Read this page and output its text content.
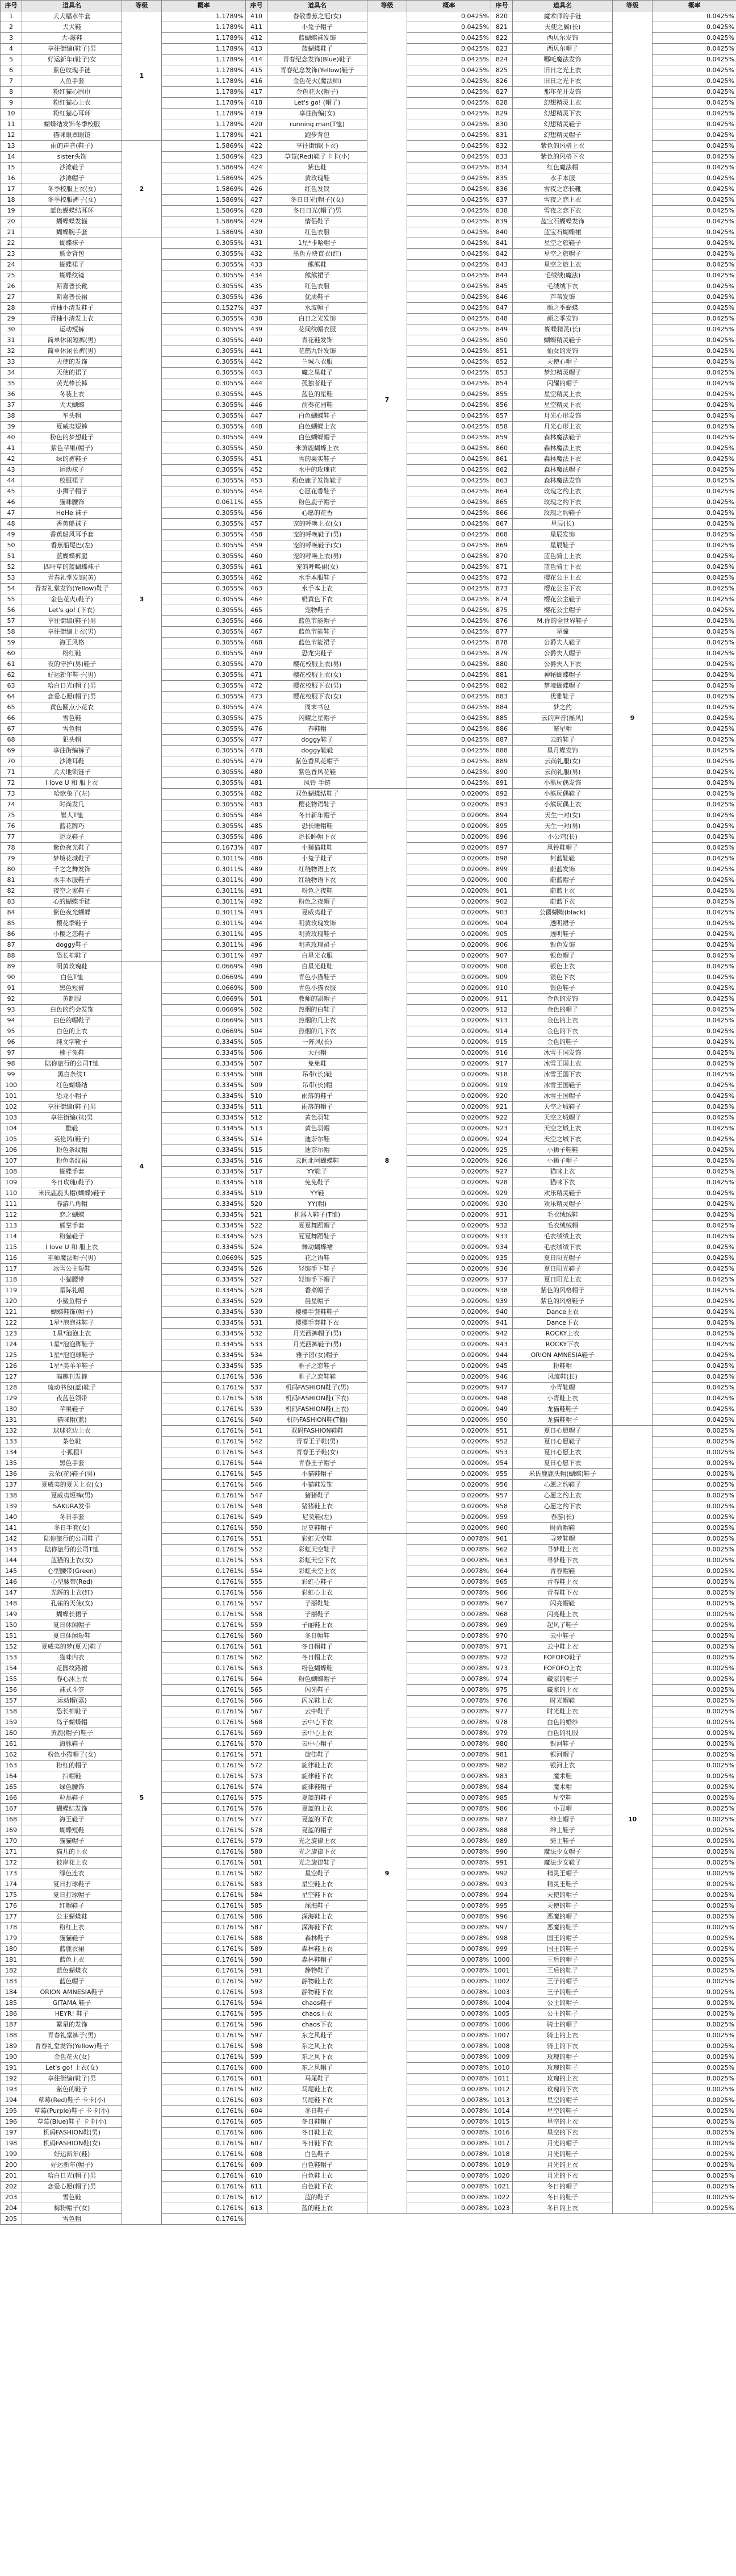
序号	道具名	等级	概率
1	犬犬幅水牛套	1	1.1789%
2	犬犬鞋		1.1789%
3	大-露鞋		1.1789%
4	享往街编(鞋子)男		1.1789%
5	好运新年(鞋子)女		1.1789%
6	紫色玫瑰手链		1.1789%
7	人鱼手套		1.1789%
8	粉红猫心围巾		1.1789%
9	粉红猫心上衣		1.1789%
10	粉红猫心耳环		1.1789%
11	蝴蝶结发饰冬季校服		1.1789%
12	猫咪眼罩眼镜		1.1789%
13	雨的声音(鞋子)	2	1.5869%
14	sister头饰		1.5869%
15	沙滩鞋子		1.5869%
16	沙滩帽子		1.5869%
17	冬季校服上衣(女)		1.5869%
18	冬季校服裤子(女)		1.5869%
19	蓝色蝴蝶结耳环		1.5869%
20	蝴蝶蝶发箍		1.5869%
21	蝴蝶腕手套		1.5869%
22	蝴蝶袜子	3	0.3055%
23	熊金背包		0.3055%
24	蝴蝶裙子		0.3055%
25	蝴蝶纹镜		0.3055%
26	斯嘉普长靴		0.3055%
27	斯嘉普长裙		0.3055%
28	青柚小清发鞋子		0.1527%
29	青柚小清发上衣		0.3055%
30	运动短裤		0.3055%
31	简单休闲短裤(男)		0.3055%
32	简单休闲长裤(男)		0.3055%
33	天使的发饰		0.3055%
34	天使的裙子		0.3055%
35	荧光棒长裤		0.3055%
36	冬装上衣		0.3055%
37	犬犬蝴蝶		0.3055%
38	车头帽		0.3055%
39	夏威夷短裤		0.3055%
40	粉色的梦想鞋子		0.3055%
41	紫色苹果(帽子)		0.3055%
42	绿的裤鞋子		0.3055%
43	运动袜子		0.3055%
44	校服裙子		0.3055%
45	小狮子帽子		0.3055%
46	猫咪腰饰		0.0611%
47	HeHe 袜子		0.3055%
48	香蕉船袜子		0.3055%
49	香蕉船风耳手套		0.3055%
50	香蕉船尾巴(左)		0.3055%
51	蓝蝴蝶裤腿		0.3055%
52	四叶草的蓝蝴蝶袜子		0.3055%
53	青春礼堂发饰(黄)		0.3055%
54	青春礼堂发饰(Yellow)鞋子		0.3055%
55	金色花火(鞋子)		0.3055%
56	Let's go! (下衣)		0.3055%
57	享往街编(鞋子)男		0.3055%
58	享往街编上衣(男)		0.3055%
59	海王风格		0.3055%
60	粉红鞋		0.3055%
61	夜的守护(男)鞋子		0.3055%
62	好运新年鞋子(男)		0.3055%
63	哈白日光(帽子)男		0.3055%
64	恋爱心愿(帽子)男		0.3055%
65	黄色圆点小花衣		0.3055%
66	雪色鞋		0.3055%
67	雪色帽		0.3055%
68	犯头帽		0.3055%
69	享往街编裤子		0.3055%
70	沙滩耳鞋		0.3055%
71	犬犬地锁链子		0.3055%
72	I love U 和 服上衣		0.3055%
73	哈欧兔子(左)		0.3055%
74	时尚发几		0.3055%
75	崔人T恤		0.3055%
76	蓝花牌巧		0.3055%
77	恐龙鞋子		0.3055%
78	紫色夜光鞋子		0.1673%
79	梦境花城鞋子		0.3011%
80	千之之舞发饰		0.3011%
81	水手本服鞋子		0.3011%
82	夜空之家鞋子		0.3011%
83	心的蝴蝶手链		0.3011%
84	紫色夜光蝴蝶		0.3011%
85	樱花季鞋子		0.3011%
86	小樱之恋鞋子		0.3011%
87	doggy鞋子		0.3011%
88	恐长棉鞋子		0.3011%
89	明黄玫瑰鞋	4	0.0669%
90	白色T恤		0.0669%
91	黑色短裤		0.0669%
92	黄制服		0.0669%
93	白色的约会发饰		0.0669%
94	白色的帽鞋子		0.0669%
95	白色的上衣		0.0669%
96	纯文字靴子		0.3345%
97	楠子兔鞋		0.3345%
98	陆你旅行的公司T恤		0.3345%
99	黑白条纹T		0.3345%
100	红色蝴蝶结		0.3345%
101	恐龙小帽子		0.3345%
102	享往街编(鞋子)男		0.3345%
103	享往街编(袜)男		0.3345%
104	酷鞋		0.3345%
105	英伦风(鞋子)		0.3345%
106	粉色条纹帽		0.3345%
107	粉色条纹裙		0.3345%
108	蝴蝶手套		0.3345%
109	冬日玫瑰(鞋子)		0.3345%
110	米氏鹿鹿头帽(蝴蝶)鞋子		0.3345%
111	春游八角帽		0.3345%
112	恋之蝴蝶		0.3345%
113	熊掌手套		0.3345%
114	粉猫鞋子		0.3345%
115	I love U 和 服上衣		0.3345%
116	巫师魔法帽子(男)		0.0669%
117	冰雪公主短鞋		0.3345%
118	小猫腰带		0.3345%
119	星际礼帽		0.3345%
120	小鲨鱼帽子		0.3345%
121	蝴蝶鞋饰(帽子)		0.3345%
122	1星*泡泡袜鞋子		0.3345%
123	1星*泡泡上衣		0.3345%
124	1星*泡泡脚鞋子		0.3345%
125	1星*泡泡球鞋子		0.3345%
126	1星*美羊羊鞋子		0.3345%
127	喵趣刊发箍	5	0.1761%
128	琉动书包(蓝)鞋子		0.1761%
129	夜蓝色领带		0.1761%
130	苹果鞋子		0.1761%
131	猫咪帽(蓝)		0.1761%
132	球球花边上衣		0.1761%
133	茶色鞋		0.1761%
134	小狐狸T		0.1761%
135	黑色手套		0.1761%
136	云朵(花)鞋子(男)		0.1761%
137	夏威夷的夏天上衣(女)		0.1761%
138	夏威夷短裤(男)		0.1761%
139	SAKURA发带		0.1761%
140	冬日手套		0.1761%
141	冬日手套(女)		0.1761%
142	陆你旅行的公司鞋子		0.1761%
143	陆你旅行的公司T恤		0.1761%
144	蓝猫的上衣(女)		0.1761%
145	心型腰带(Green)		0.1761%
146	心型腰带(Red)		0.1761%
147	光辉的上衣(红)		0.1761%
148	孔雀的天使(女)		0.1761%
149	蝴蝶长裙子		0.1761%
150	夏日休闲帽子		0.1761%
151	夏日休闲短鞋		0.1761%
152	夏威夷的梦(夏天)鞋子		0.1761%
153	猫咪内衣		0.1761%
154	花园纹路裙		0.1761%
155	春心沐上衣		0.1761%
156	袜式斗笠		0.1761%
157	运动帽(嘉)		0.1761%
158	恐长棉鞋子		0.1761%
159	鸟子蝴蝶帽		0.1761%
160	黄鹿(帽子)鞋子		0.1761%
161	海豚鞋子		0.1761%
162	粉色小猫帽子(女)		0.1761%
163	粉红的帽子		0.1761%
164	扫帽鞋		0.1761%
165	绿色腰饰		0.1761%
166	粒晶鞋子		0.1761%
167	蝴蝶结发饰		0.1761%
168	海王鞋子		0.1761%
169	蝴蝶短鞋		0.1761%
170	猫猫帽子		0.1761%
171	猫儿的上衣		0.1761%
172	彼岸花上衣		0.1761%
173	绿色连衣		0.1761%
174	夏日打球鞋子		0.1761%
175	夏日打球帽子		0.1761%
176	红帽鞋子		0.1761%
177	公主蝴蝶鞋		0.1761%
178	粉红上衣		0.1761%
179	猫猫鞋子		0.1761%
180	蓝鹿衣裙		0.1761%
181	蓝色上衣		0.1761%
182	蓝色蝴蝶衣		0.1761%
183	蓝色帽子		0.1761%
184	ORION AMNESIA鞋子		0.1761%
185	GITAMA 鞋子		0.1761%
186	HEYR! 鞋子		0.1761%
187	繁星的发饰		0.1761%
188	青春礼堂裤子(男)		0.1761%
189	青春礼堂发饰(Yellow)鞋子		0.1761%
190	金色花火(女)		0.1761%
191	Let's go! 上衣(女)		0.1761%
192	享往街编(鞋子)男		0.1761%
193	紫色的鞋子		0.1761%
194	草莓(Red)鞋子 卡卡(小)		0.1761%
195	草莓(Purple)鞋子 卡卡(小)		0.1761%
196	草莓(Blue)鞋子 卡卡(小)		0.1761%
197	机码FASHION鞋(男)		0.1761%
198	机码FASHION鞋(女)		0.1761%
199	好运新年(鞋)		0.1761%
200	好运新年(帽子)		0.1761%
201	哈白日光(帽子)男		0.1761%
202	恋爱心愿(帽子)男		0.1761%
203	雪色鞋		0.1761%
204	梅粉帽子(女)		0.1761%
205	雪色帽		0.1761%
序号	道具名	等级	概率
410	春敬香蕉之冠(女)	7	0.0425%
411	小兔子帽子		0.0425%
412	蓝蝴蝶袜发饰		0.0425%
413	蓝蝴蝶鞋子		0.0425%
414	青春纪念发饰(Blue)鞋子		0.0425%
415	青春纪念发饰(Yellow)鞋子		0.0425%
416	金色花火(魔法师)		0.0425%
417	金色花火(帽子)		0.0425%
418	Let's go! (帽子)		0.0425%
419	享往街编(女)		0.0425%
420	running man(T恤)		0.0425%
421	跑步背包		0.0425%
422	享往街编(下衣)		0.0425%
423	草莓(Red)鞋子卡卡(小)		0.0425%
424	紫色鞋		0.0425%
425	黄玫瑰鞋		0.0425%
426	红色发钗		0.0425%
427	冬日日光(帽子)(女)		0.0425%
428	冬日日光(帽子)男		0.0425%
429	情侣鞋子		0.0425%
430	红色衣服		0.0425%
431	1星*卡哈帽子		0.0425%
432	黑色方块直衣(红)		0.0425%
433	熊熊鞋		0.0425%
434	熊熊裙子		0.0425%
435	红色衣服		0.0425%
436	优质鞋子		0.0425%
437	水波帽子		0.0425%
438	白日之光发饰		0.0425%
439	花间纹帽衣服		0.0425%
440	青花鞋发饰		0.0425%
441	花鹤九针发饰		0.0425%
442	兰城八衣服		0.0425%
443	魔之星鞋子		0.0425%
444	孤独者鞋子		0.0425%
445	蓝色的星鞋		0.0425%
446	前奏花园鞋		0.0425%
447	白色蝴蝶鞋子		0.0425%
448	白色蝴蝶上衣		0.0425%
449	白色蝴蝶帽子		0.0425%
450	米黄鹿蝴蝶上衣		0.0425%
451	雪的果实鞋子		0.0425%
452	水中的玫瑰花		0.0425%
453	粉色鹿子发饰鞋子		0.0425%
454	心愿花香鞋子		0.0425%
455	粉色鹿子帽子		0.0425%
456	心愿的花香		0.0425%
457	宠的呼唤上衣(女)		0.0425%
458	宠的呼唤鞋子(男)		0.0425%
459	宠的呼唤鞋子(女)		0.0425%
460	宠的呼唤上衣(男)		0.0425%
461	宠的呼唤裙(女)		0.0425%
462	水手本服鞋子		0.0425%
463	水手本上衣		0.0425%
464	奶黄色下衣		0.0425%
465	宠物鞋子		0.0425%
466	蓝色节能帽子		0.0425%
467	蓝色节能鞋子		0.0425%
468	蓝色节能裙子		0.0425%
469	恐龙尖鞋子		0.0425%
470	樱花校服上衣(男)		0.0425%
471	樱花校服上衣(女)		0.0425%
472	樱花校服下衣(男)		0.0425%
473	樱花校服下衣(女)		0.0425%
474	周末书包		0.0425%
475	闪耀之星帽子		0.0425%
476	春鞋帽		0.0425%
477	doggy鞋子		0.0425%
478	doggy鞋鞋		0.0425%
479	紫色香风花帽子		0.0425%
480	紫色香风花鞋		0.0425%
481	风铃 手链		0.0425%
482	双色蝴蝶结鞋子	8	0.0200%
483	樱花物语鞋子		0.0200%
484	冬日新年帽子		0.0200%
485	恐长睡帽鞋		0.0200%
486	恐长睡帽下衣		0.0200%
487	小狮猫鞋鞋		0.0200%
488	小兔子鞋子		0.0200%
489	红绕物语上衣		0.0200%
490	红绕物语下衣		0.0200%
491	粉色之夜鞋		0.0200%
492	粉色之夜帽子		0.0200%
493	夏威夷鞋子		0.0200%
494	明黄玫瑰发饰		0.0200%
495	明黄玫瑰鞋子		0.0200%
496	明黄玫瑰裙子		0.0200%
497	白星光衣服		0.0200%
498	白星光鞋鞋		0.0200%
499	青色小猫鞋子		0.0200%
500	青色小猫衣服		0.0200%
501	教师的凯帽子		0.0200%
502	热烟的白鞋子		0.0200%
503	热烟的几上衣		0.0200%
504	热烟的几下衣		0.0200%
505	一阵风(长)		0.0200%
506	大白帽		0.0200%
507	免免鞋		0.0200%
508	吊带(长)鞋		0.0200%
509	吊带(长)帽		0.0200%
510	雨落的鞋子		0.0200%
511	雨落的帽子		0.0200%
512	黄色羽鞋		0.0200%
513	黄色羽帽		0.0200%
514	迪奈尔鞋		0.0200%
515	迪奈尔帽		0.0200%
516	云间北阿蝴蝶鞋		0.0200%
517	YY鞋子		0.0200%
518	免免鞋子		0.0200%
519	YY鞋		0.0200%
520	YY(帽)		0.0200%
521	机器人鞋子(T恤)		0.0200%
522	夏夏舞蹈帽子		0.0200%
523	夏夏舞蹈鞋子		0.0200%
524	舞动蝴蝶裙		0.0200%
525	花之语鞋		0.0200%
526	轻饰手下鞋子		0.0200%
527	轻饰手下帽子		0.0200%
528	香菜帽子		0.0200%
529	晨星帽子		0.0200%
530	樱樱手套鞋鞋子		0.0200%
531	樱樱手套鞋下衣		0.0200%
532	月光西裤帽子(男)		0.0200%
533	月光西裤鞋子(男)		0.0200%
534	雅子团(女)帽子		0.0200%
535	雅子之恋鞋子		0.0200%
536	雅子之恋鞋鞋		0.0200%
537	机码FASHION鞋子(男)		0.0200%
538	机码FASHION鞋(下衣)		0.0200%
539	机码FASHION鞋(上衣)		0.0200%
540	机码FASHION鞋(T恤)		0.0200%
541	双码FASHION鞋鞋		0.0200%
542	青春王子鞋(男)		0.0200%
543	青春王子鞋(女)		0.0200%
544	青春王子帽子		0.0200%
545	小猫鞋帽子		0.0200%
546	小猫鞋发饰		0.0200%
547	猪猪鞋子		0.0200%
548	猪猪鞋上衣		0.0200%
549	尼莫鞋(左)		0.0200%
550	尼莫鞋帽子		0.0200%
551	彩虹天空鞋	9	0.0078%
552	彩虹天空鞋子		0.0078%
553	彩虹天空下衣		0.0078%
554	彩虹天空上衣		0.0078%
555	彩虹心鞋子		0.0078%
556	彩虹心上衣		0.0078%
557	子丽鞋鞋		0.0078%
558	子丽鞋子		0.0078%
559	子丽鞋上衣		0.0078%
560	冬日帽鞋		0.0078%
561	冬日帽鞋子		0.0078%
562	冬日帽上衣		0.0078%
563	粉色蝴蝶鞋		0.0078%
564	粉色蝴蝶帽子		0.0078%
565	闪光鞋子		0.0078%
566	闪光鞋上衣		0.0078%
567	云中鞋子		0.0078%
568	云中心下衣		0.0078%
569	云中心上衣		0.0078%
570	云中心帽子		0.0078%
571	旋律鞋子		0.0078%
572	旋律鞋上衣		0.0078%
573	旋律鞋下衣		0.0078%
574	旋律鞋帽子		0.0078%
575	夏蓝的鞋子		0.0078%
576	夏蓝的上衣		0.0078%
577	夏蓝的下衣		0.0078%
578	夏蓝的帽子		0.0078%
579	光之旋律上衣		0.0078%
580	光之旋律下衣		0.0078%
581	光之旋律鞋子		0.0078%
582	星空鞋子		0.0078%
583	星空鞋上衣		0.0078%
584	星空鞋下衣		0.0078%
585	深海鞋子		0.0078%
586	深海鞋上衣		0.0078%
587	深海鞋下衣		0.0078%
588	森林鞋子		0.0078%
589	森林鞋上衣		0.0078%
590	森林鞋帽子		0.0078%
591	静物鞋子		0.0078%
592	静物鞋上衣		0.0078%
593	静物鞋下衣		0.0078%
594	chaos鞋子		0.0078%
595	chaos上衣		0.0078%
596	chaos下衣		0.0078%
597	东之风鞋子		0.0078%
598	东之风上衣		0.0078%
599	东之风下衣		0.0078%
600	东之风帽子		0.0078%
601	马尾鞋子		0.0078%
602	马尾鞋上衣		0.0078%
603	马尾鞋下衣		0.0078%
604	冬日鞋子		0.0078%
605	冬日鞋帽子		0.0078%
606	冬日鞋上衣		0.0078%
607	冬日鞋下衣		0.0078%
608	白色鞋子		0.0078%
609	白色鞋帽子		0.0078%
610	白色鞋上衣		0.0078%
611	白色鞋下衣		0.0078%
612	蓝的鞋子		0.0078%
613	蓝的鞋上衣		0.0078%
序号	道具名	等级	概率
820	魔术师的手链	9	0.0425%
821	天使之翼(长)		0.0425%
822	西贝尔发饰		0.0425%
823	西贝尔帽子		0.0425%
824	哪吒魔法发饰		0.0425%
825	旧日之光上衣		0.0425%
826	旧日之光下衣		0.0425%
827	那年花开发饰		0.0425%
828	幻想精灵上衣		0.0425%
829	幻想精灵下衣		0.0425%
830	幻想精灵鞋子		0.0425%
831	幻想精灵帽子		0.0425%
832	紫色的风格上衣		0.0425%
833	紫色的风格下衣		0.0425%
834	红色魔法帽		0.0425%
835	水手本服		0.0425%
836	雪夜之恋长靴		0.0425%
837	雪夜之恋上衣		0.0425%
838	雪夜之恋下衣		0.0425%
839	蓝宝石蝴蝶发饰		0.0425%
840	蓝宝石蝴蝶裙		0.0425%
841	星空之旅鞋子		0.0425%
842	星空之旅帽子		0.0425%
843	星空之旅上衣		0.0425%
844	毛绒绒(魔法)		0.0425%
845	毛绒绒下衣		0.0425%
846	芦苇发饰		0.0425%
847	颜之季蝴蝶		0.0425%
848	颜之季发饰		0.0425%
849	蝴蝶精灵(长)		0.0425%
850	蝴蝶精灵鞋子		0.0425%
851	仙女的发饰		0.0425%
852	天使心帽子		0.0425%
853	梦幻精灵帽子		0.0425%
854	闪耀的帽子		0.0425%
855	星空精灵上衣		0.0425%
856	星空精灵下衣		0.0425%
857	月光心形发饰		0.0425%
858	月光心形上衣		0.0425%
859	森林魔法鞋子		0.0425%
860	森林魔法上衣		0.0425%
861	森林魔法下衣		0.0425%
862	森林魔法帽子		0.0425%
863	森林魔法发饰		0.0425%
864	玫瑰之约上衣		0.0425%
865	玫瑰之约下衣		0.0425%
866	玫瑰之约鞋子		0.0425%
867	星辰(长)		0.0425%
868	星辰发饰		0.0425%
869	星辰鞋子		0.0425%
870	蓝色骑士上衣		0.0425%
871	蓝色骑士下衣		0.0425%
872	樱花公主上衣		0.0425%
873	樱花公主下衣		0.0425%
874	樱花公主鞋子		0.0425%
875	樱花公主帽子		0.0425%
876	M.你的全世界鞋子		0.0425%
877	星瞳		0.0425%
878	公爵夫人鞋子		0.0425%
879	公爵夫人帽子		0.0425%
880	公爵夫人下衣		0.0425%
881	神秘蝴蝶帽子		0.0425%
882	梦境蝴蝶帽子		0.0425%
883	优雅鞋子		0.0425%
884	梦之约		0.0425%
885	云的声音(摇风)		0.0425%
886	繁星帽		0.0425%
887	云的鞋子		0.0425%
888	星月蝶发饰		0.0425%
889	云尚礼服(女)		0.0425%
890	云尚礼服(男)		0.0425%
891	小熊玩偶发饰		0.0425%
892	小熊玩偶鞋子		0.0425%
893	小熊玩偶上衣		0.0425%
894	天生一对(女)		0.0425%
895	天生一对(男)		0.0425%
896	小公鸡(长)		0.0425%
897	风铃鞋帽子		0.0425%
898	柯蓝鞋鞋		0.0425%
899	蔚蓝发饰		0.0425%
900	蔚蓝帽子		0.0425%
901	蔚蓝上衣		0.0425%
902	蔚蓝下衣		0.0425%
903	公爵蝴蝶(black)		0.0425%
904	透明裙子		0.0425%
905	透明鞋子		0.0425%
906	银色发饰		0.0425%
907	银色帽子		0.0425%
908	银色上衣		0.0425%
909	银色下衣		0.0425%
910	银色鞋子		0.0425%
911	金色的发饰		0.0425%
912	金色的帽子		0.0425%
913	金色的上衣		0.0425%
914	金色的下衣		0.0425%
915	金色的鞋子		0.0425%
916	冰雪王国发饰		0.0425%
917	冰雪王国上衣		0.0425%
918	冰雪王国下衣		0.0425%
919	冰雪王国鞋子		0.0425%
920	冰雪王国帽子		0.0425%
921	天空之城鞋子		0.0425%
922	天空之城帽子		0.0425%
923	天空之城上衣		0.0425%
924	天空之城下衣		0.0425%
925	小狮子鞋鞋		0.0425%
926	小狮子帽子		0.0425%
927	猫咪上衣		0.0425%
928	猫咪下衣		0.0425%
929	欢乐精灵鞋子		0.0425%
930	欢乐精灵帽子		0.0425%
931	毛衣绒绒鞋		0.0425%
932	毛衣绒绒帽		0.0425%
933	毛衣绒绒上衣		0.0425%
934	毛衣绒绒下衣		0.0425%
935	夏日阳光帽子		0.0425%
936	夏日阳光鞋子		0.0425%
937	夏日阳光上衣		0.0425%
938	紫色的风格帽子		0.0425%
939	紫色的风格鞋子		0.0425%
940	Dance上衣		0.0425%
941	Dance下衣		0.0425%
942	ROCKY上衣		0.0425%
943	ROCKY下衣		0.0425%
944	ORION AMNESIA鞋子		0.0425%
945	粉鞋帽		0.0425%
946	风流鞋(长)		0.0425%
947	小青鞋帽		0.0425%
948	小青鞋上衣		0.0425%
949	龙猫鞋鞋子		0.0425%
950	龙猫鞋帽子		0.0425%
951	夏日心愿帽子	10	0.0025%
952	夏日心愿鞋子		0.0025%
953	夏日心愿上衣		0.0025%
954	夏日心愿下衣		0.0025%
955	米氏鹿鹿头帽(蝴蝶)鞋子		0.0025%
956	心愿之约鞋子		0.0025%
957	心愿之约上衣		0.0025%
958	心愿之约下衣		0.0025%
959	春游(长)		0.0025%
960	时尚帽鞋		0.0025%
961	寻梦鞋帽		0.0025%
962	寻梦鞋上衣		0.0025%
963	寻梦鞋下衣		0.0025%
964	青春帽鞋		0.0025%
965	青春鞋上衣		0.0025%
966	青春鞋下衣		0.0025%
967	闪亮帽鞋		0.0025%
968	闪亮鞋上衣		0.0025%
969	起风了鞋子		0.0025%
970	云中鞋子		0.0025%
971	云中鞋上衣		0.0025%
972	FOFOFO鞋子		0.0025%
973	FOFOFO上衣		0.0025%
974	藏家的帽子		0.0025%
975	藏家的上衣		0.0025%
976	时光帽鞋		0.0025%
977	时光鞋上衣		0.0025%
978	白色的婚纱		0.0025%
979	白色的礼服		0.0025%
980	银河鞋子		0.0025%
981	银河帽子		0.0025%
982	银河上衣		0.0025%
983	魔术鞋		0.0025%
984	魔术帽		0.0025%
985	星空鞋		0.0025%
986	小丑帽		0.0025%
987	绅士帽子		0.0025%
988	绅士鞋子		0.0025%
989	骑士鞋子		0.0025%
990	魔法少女帽子		0.0025%
991	魔法少女鞋子		0.0025%
992	精灵王帽子		0.0025%
993	精灵王鞋子		0.0025%
994	天使的帽子		0.0025%
995	天使的鞋子		0.0025%
996	恶魔的帽子		0.0025%
997	恶魔的鞋子		0.0025%
998	国王的帽子		0.0025%
999	国王的鞋子		0.0025%
1000	王后的帽子		0.0025%
1001	王后的鞋子		0.0025%
1002	王子的帽子		0.0025%
1003	王子的鞋子		0.0025%
1004	公主的帽子		0.0025%
1005	公主的鞋子		0.0025%
1006	骑士的帽子		0.0025%
1007	骑士的上衣		0.0025%
1008	骑士的下衣		0.0025%
1009	玫瑰的帽子		0.0025%
1010	玫瑰的鞋子		0.0025%
1011	玫瑰的上衣		0.0025%
1012	玫瑰的下衣		0.0025%
1013	星空的帽子		0.0025%
1014	星空的鞋子		0.0025%
1015	星空的上衣		0.0025%
1016	星空的下衣		0.0025%
1017	月光的帽子		0.0025%
1018	月光的鞋子		0.0025%
1019	月光的上衣		0.0025%
1020	月光的下衣		0.0025%
1021	冬日的帽子		0.0025%
1022	冬日的鞋子		0.0025%
1023	冬日的上衣		0.0025%
